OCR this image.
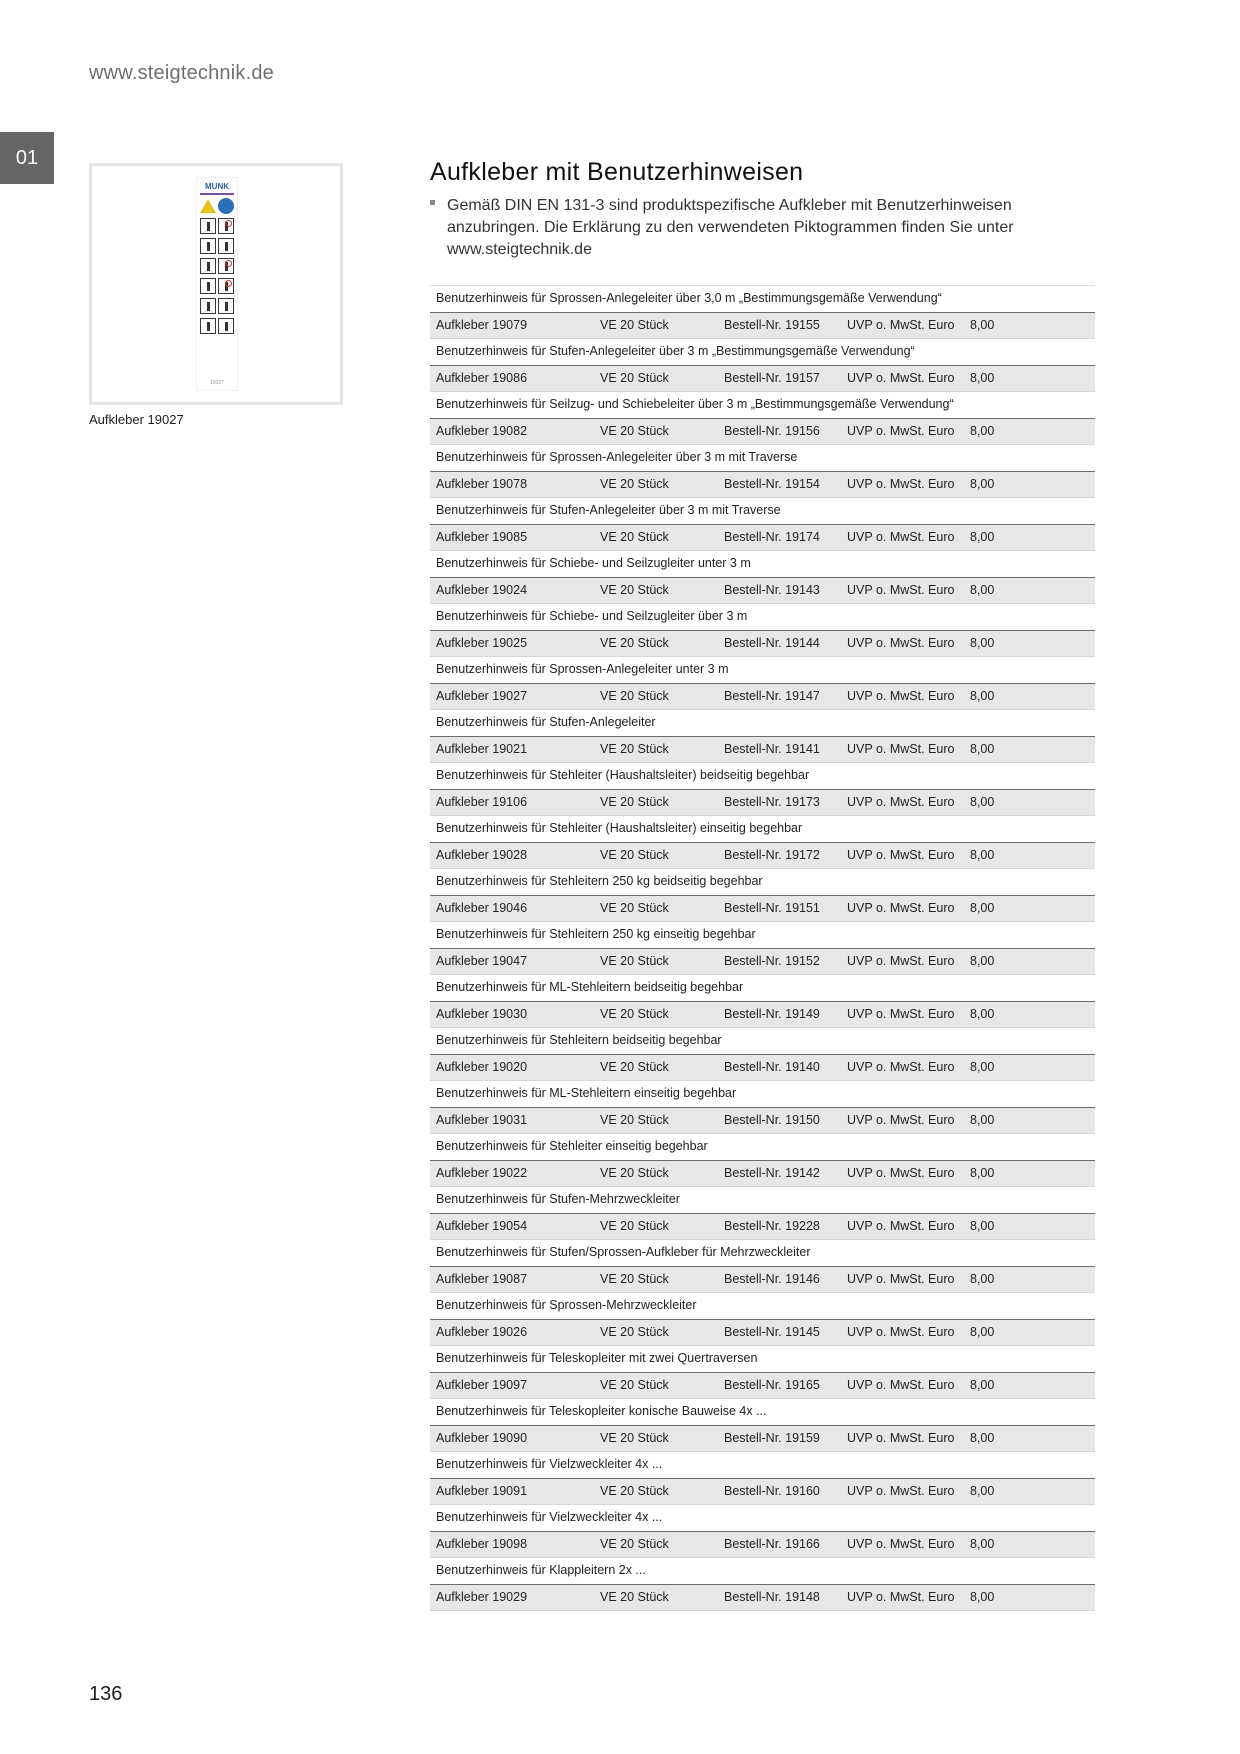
www.steigtechnik.de
01
MUNK
19027
Aufkleber 19027
Aufkleber mit Benutzerhinweisen
Gemäß DIN EN 131-3 sind produktspezifische Aufkleber mit Benutzerhinweisen anzubringen. Die Erklärung zu den verwendeten Piktogrammen finden Sie unter www.steigtechnik.de
Benutzerhinweis für Sprossen-Anlegeleiter über 3,0 m „Bestimmungsgemäße Verwendung“
Aufkleber 19079	VE 20 Stück	Bestell-Nr. 19155 UVP o. MwSt. Euro 8,00
Benutzerhinweis für Stufen-Anlegeleiter über 3 m „Bestimmungsgemäße Verwendung“
Aufkleber 19086	VE 20 Stück	Bestell-Nr. 19157 UVP o. MwSt. Euro 8,00
Benutzerhinweis für Seilzug- und Schiebeleiter über 3 m „Bestimmungsgemäße Verwendung“
Aufkleber 19082	VE 20 Stück	Bestell-Nr. 19156 UVP o. MwSt. Euro 8,00
Benutzerhinweis für Sprossen-Anlegeleiter über 3 m mit Traverse
Aufkleber 19078	VE 20 Stück	Bestell-Nr. 19154 UVP o. MwSt. Euro 8,00
Benutzerhinweis für Stufen-Anlegeleiter über 3 m mit Traverse
Aufkleber 19085	VE 20 Stück	Bestell-Nr. 19174 UVP o. MwSt. Euro 8,00
Benutzerhinweis für Schiebe- und Seilzugleiter unter 3 m
Aufkleber 19024	VE 20 Stück	Bestell-Nr. 19143 UVP o. MwSt. Euro 8,00
Benutzerhinweis für Schiebe- und Seilzugleiter über 3 m
Aufkleber 19025	VE 20 Stück	Bestell-Nr. 19144 UVP o. MwSt. Euro 8,00
Benutzerhinweis für Sprossen-Anlegeleiter unter 3 m
Aufkleber 19027	VE 20 Stück	Bestell-Nr. 19147 UVP o. MwSt. Euro 8,00
Benutzerhinweis für Stufen-Anlegeleiter
Aufkleber 19021	VE 20 Stück	Bestell-Nr. 19141 UVP o. MwSt. Euro 8,00
Benutzerhinweis für Stehleiter (Haushaltsleiter) beidseitig begehbar
Aufkleber 19106	VE 20 Stück	Bestell-Nr. 19173 UVP o. MwSt. Euro 8,00
Benutzerhinweis für Stehleiter (Haushaltsleiter) einseitig begehbar
Aufkleber 19028	VE 20 Stück	Bestell-Nr. 19172 UVP o. MwSt. Euro 8,00
Benutzerhinweis für Stehleitern 250 kg beidseitig begehbar
Aufkleber 19046	VE 20 Stück	Bestell-Nr. 19151 UVP o. MwSt. Euro 8,00
Benutzerhinweis für Stehleitern 250 kg einseitig begehbar
Aufkleber 19047	VE 20 Stück	Bestell-Nr. 19152 UVP o. MwSt. Euro 8,00
Benutzerhinweis für ML-Stehleitern beidseitig begehbar
Aufkleber 19030	VE 20 Stück	Bestell-Nr. 19149 UVP o. MwSt. Euro 8,00
Benutzerhinweis für Stehleitern beidseitig begehbar
Aufkleber 19020	VE 20 Stück	Bestell-Nr. 19140 UVP o. MwSt. Euro 8,00
Benutzerhinweis für ML-Stehleitern einseitig begehbar
Aufkleber 19031	VE 20 Stück	Bestell-Nr. 19150 UVP o. MwSt. Euro 8,00
Benutzerhinweis für Stehleiter einseitig begehbar
Aufkleber 19022	VE 20 Stück	Bestell-Nr. 19142 UVP o. MwSt. Euro 8,00
Benutzerhinweis für Stufen-Mehrzweckleiter
Aufkleber 19054	VE 20 Stück	Bestell-Nr. 19228 UVP o. MwSt. Euro 8,00
Benutzerhinweis für Stufen/Sprossen-Aufkleber für Mehrzweckleiter
Aufkleber 19087	VE 20 Stück	Bestell-Nr. 19146 UVP o. MwSt. Euro 8,00
Benutzerhinweis für Sprossen-Mehrzweckleiter
Aufkleber 19026	VE 20 Stück	Bestell-Nr. 19145 UVP o. MwSt. Euro 8,00
Benutzerhinweis für Teleskopleiter mit zwei Quertraversen
Aufkleber 19097	VE 20 Stück	Bestell-Nr. 19165 UVP o. MwSt. Euro 8,00
Benutzerhinweis für Teleskopleiter konische Bauweise 4x ...
Aufkleber 19090	VE 20 Stück	Bestell-Nr. 19159 UVP o. MwSt. Euro 8,00
Benutzerhinweis für Vielzweckleiter 4x ...
Aufkleber 19091	VE 20 Stück	Bestell-Nr. 19160 UVP o. MwSt. Euro 8,00
Benutzerhinweis für Vielzweckleiter 4x ...
Aufkleber 19098	VE 20 Stück	Bestell-Nr. 19166 UVP o. MwSt. Euro 8,00
Benutzerhinweis für Klappleitern 2x ...
Aufkleber 19029	VE 20 Stück	Bestell-Nr. 19148 UVP o. MwSt. Euro 8,00
136
